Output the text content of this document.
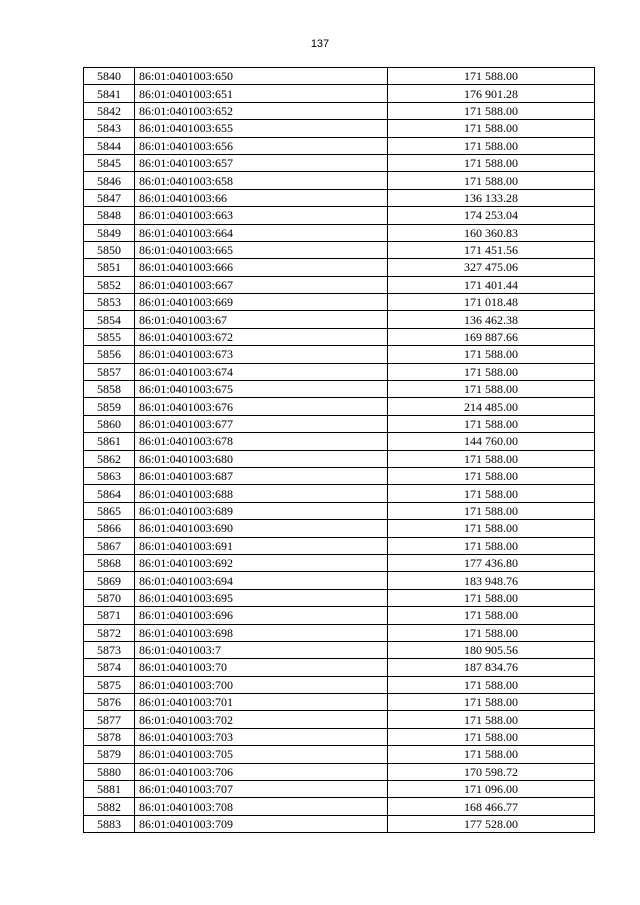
137
5840	86:01:0401003:650	171 588.00
5841	86:01:0401003:651	176 901.28
5842	86:01:0401003:652	171 588.00
5843	86:01:0401003:655	171 588.00
5844	86:01:0401003:656	171 588.00
5845	86:01:0401003:657	171 588.00
5846	86:01:0401003:658	171 588.00
5847	86:01:0401003:66	136 133.28
5848	86:01:0401003:663	174 253.04
5849	86:01:0401003:664	160 360.83
5850	86:01:0401003:665	171 451.56
5851	86:01:0401003:666	327 475.06
5852	86:01:0401003:667	171 401.44
5853	86:01:0401003:669	171 018.48
5854	86:01:0401003:67	136 462.38
5855	86:01:0401003:672	169 887.66
5856	86:01:0401003:673	171 588.00
5857	86:01:0401003:674	171 588.00
5858	86:01:0401003:675	171 588.00
5859	86:01:0401003:676	214 485.00
5860	86:01:0401003:677	171 588.00
5861	86:01:0401003:678	144 760.00
5862	86:01:0401003:680	171 588.00
5863	86:01:0401003:687	171 588.00
5864	86:01:0401003:688	171 588.00
5865	86:01:0401003:689	171 588.00
5866	86:01:0401003:690	171 588.00
5867	86:01:0401003:691	171 588.00
5868	86:01:0401003:692	177 436.80
5869	86:01:0401003:694	183 948.76
5870	86:01:0401003:695	171 588.00
5871	86:01:0401003:696	171 588.00
5872	86:01:0401003:698	171 588.00
5873	86:01:0401003:7	180 905.56
5874	86:01:0401003:70	187 834.76
5875	86:01:0401003:700	171 588.00
5876	86:01:0401003:701	171 588.00
5877	86:01:0401003:702	171 588.00
5878	86:01:0401003:703	171 588.00
5879	86:01:0401003:705	171 588.00
5880	86:01:0401003:706	170 598.72
5881	86:01:0401003:707	171 096.00
5882	86:01:0401003:708	168 466.77
5883	86:01:0401003:709	177 528.00
